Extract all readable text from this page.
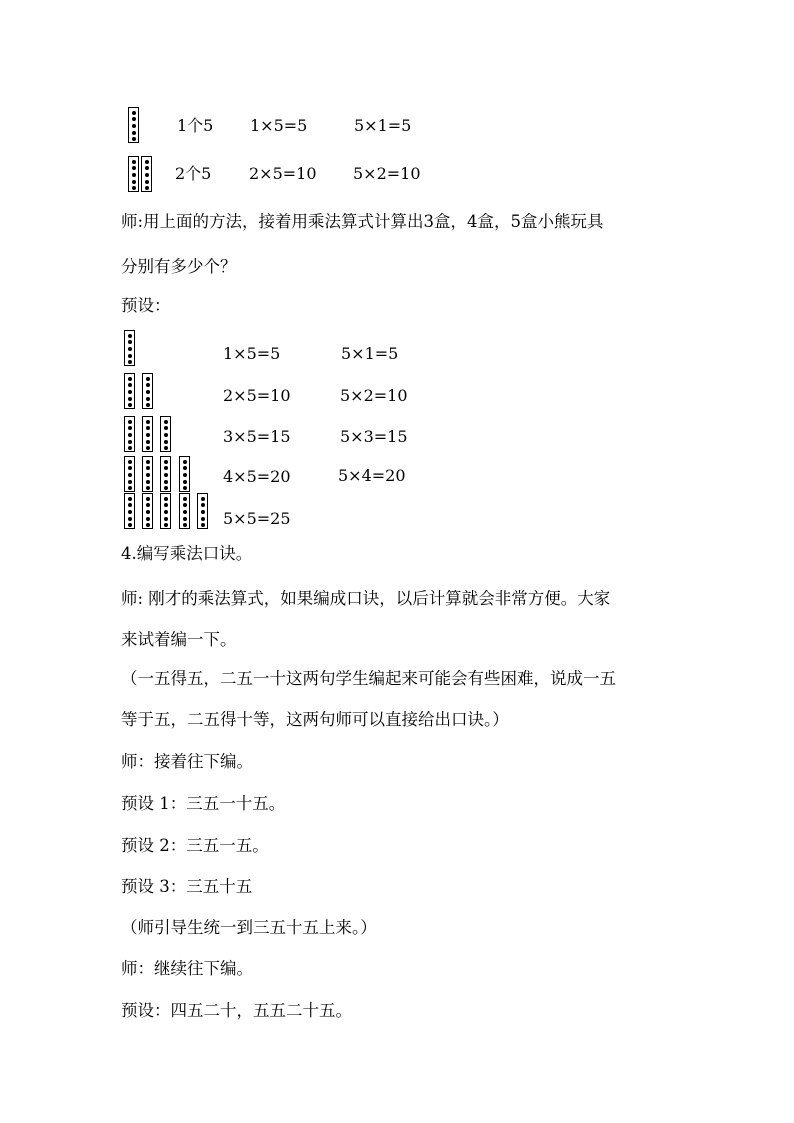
1个5 1×5=5	5×1=5
2个5 2×5=10 5×2=10
师:用上面的方法，接着用乘法算式计算出3盒，4盒，5盒小熊玩具
分别有多少个？
预设：
1×5=5	5×1=5
2×5=10	5×2=10
3×5=15	5×3=15
4×5=20	5×4=20
5×5=25
4.编写乘法口诀。
师: 刚才的乘法算式，如果编成口诀，以后计算就会非常方便。大家
来试着编一下。
（一五得五，二五一十这两句学生编起来可能会有些困难，说成一五
等于五，二五得十等，这两句师可以直接给出口诀。）
师：接着往下编。
预设 1：三五一十五。
预设 2：三五一五。
预设 3：三五十五
（师引导生统一到三五十五上来。）
师：继续往下编。
预设：四五二十，五五二十五。
